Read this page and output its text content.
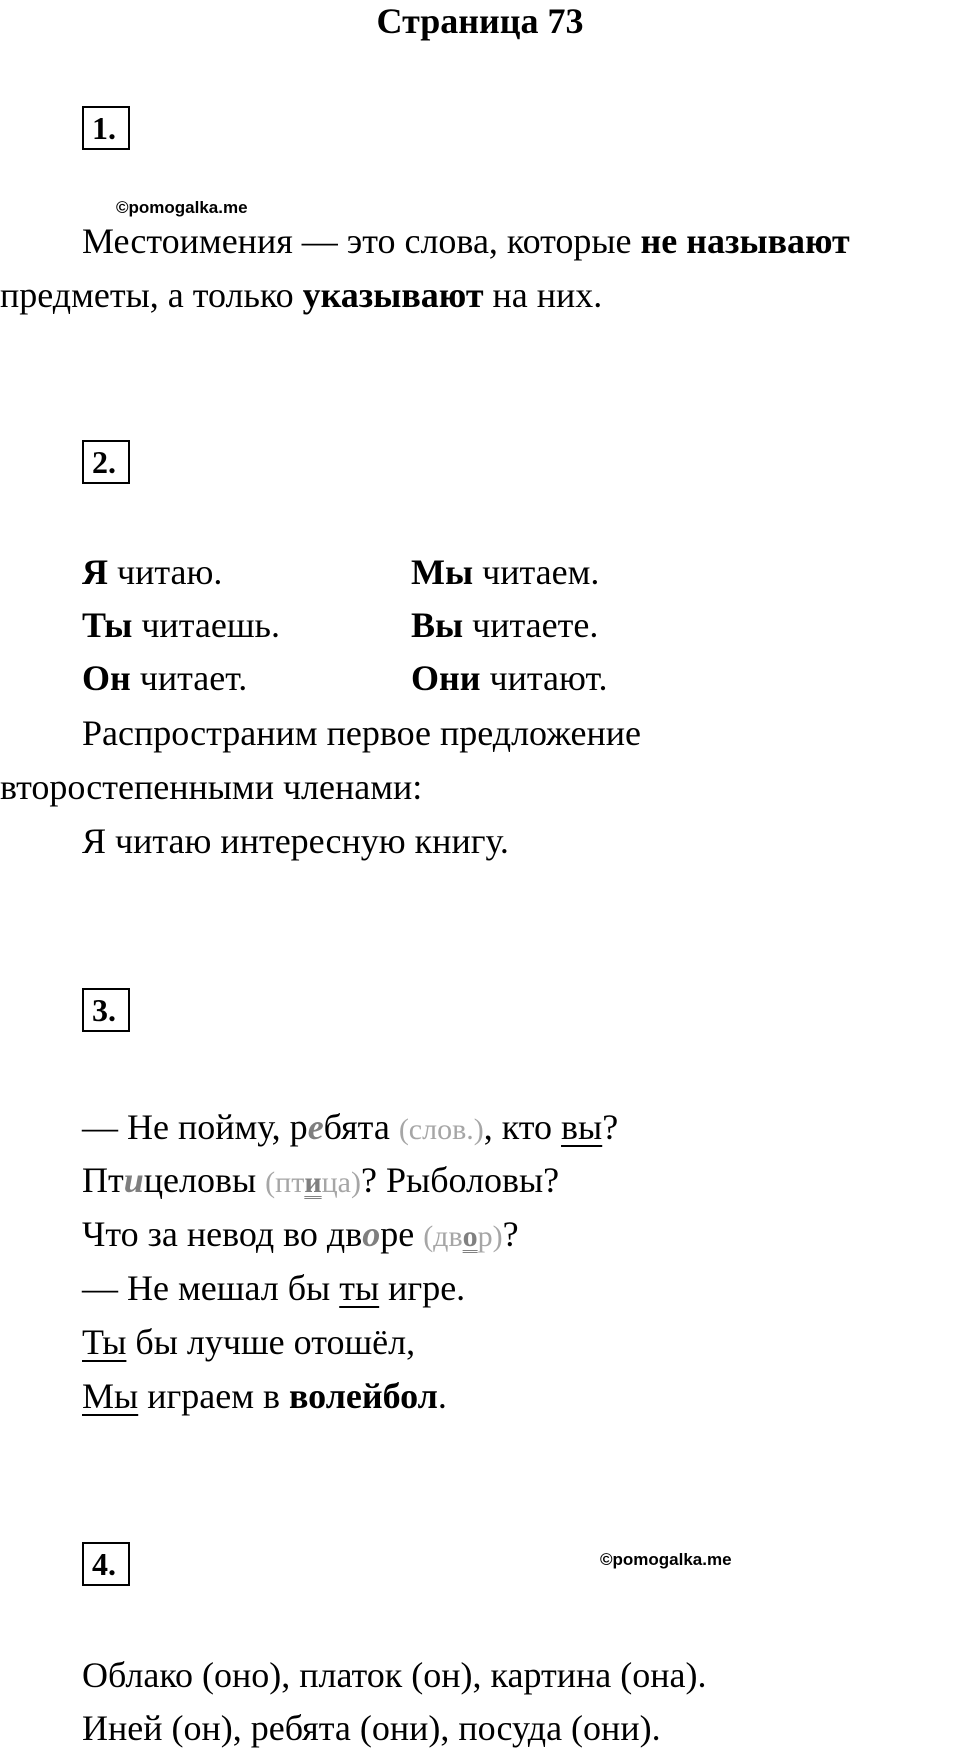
Страница 73
1.
©pomogalka.me
Местоимения — это слова, которые не называют
предметы, а только указывают на них.
2.
Я читаю.	Мы читаем.
Ты читаешь.	Вы читаете.
Он читает.	Они читают.
Распространим первое предложение
второстепенными членами:
Я читаю интересную книгу.
3.
— Не пойму, ребята (слов.), кто вы?
Птицеловы (птица)? Рыболовы?
Что за невод во дворе (двор)?
— Не мешал бы ты игре.
Ты бы лучше отошёл,
Мы играем в волейбол.
4.	©pomogalka.me
Облако (оно), платок (он), картина (она).
Иней (он), ребята (они), посуда (они).
